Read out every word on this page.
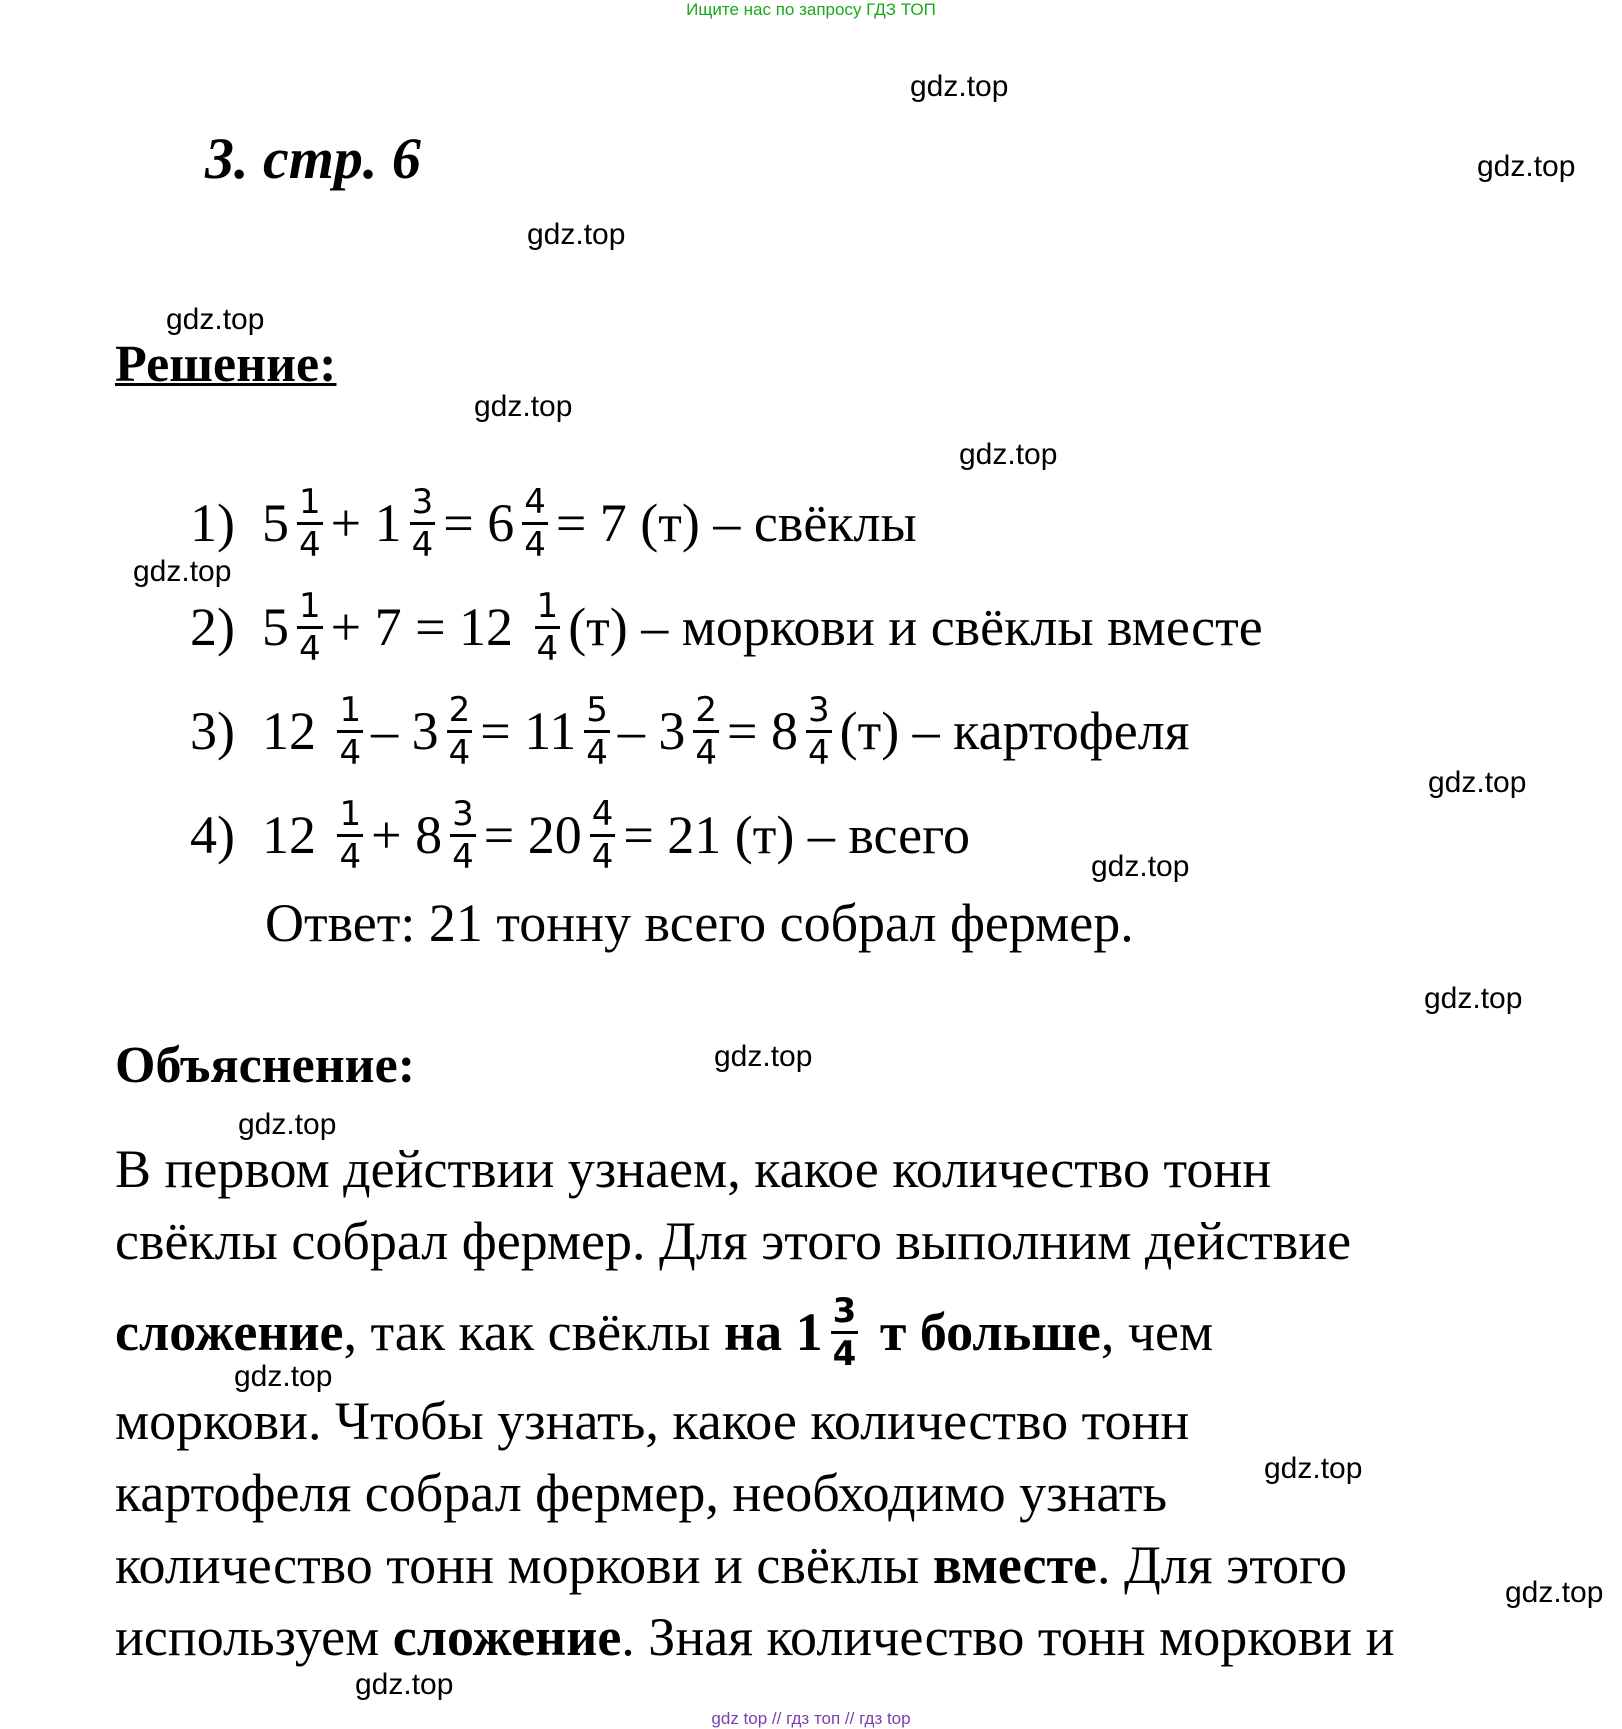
Ищите нас по запросу ГДЗ ТОП
3. стр. 6
Решение:
1)
$5 \frac{1}{4}$ +
$1 \frac{3}{4}$ =
$6 \frac{4}{4} = 7$ (т) – свёклы
2)
$5 \frac{1}{4} + 7 = 12$
$\frac{1}{4} (т)$ – моркови и свёклы вместе
3)
12
$\frac{1}{4} - 3 \frac{2}{4} = 11 \frac{5}{4} - 3 \frac{2}{4} = 8 \frac{3}{4} (т)$ – картофеля
4)
12
$\frac{1}{4} + 8 \frac{3}{4} = 20 \frac{4}{4} = 21$ (т) – всего
Ответ: 21 тонну всего собрал фермер.
Объяснение:
В первом действии узнаем, какое количество тонн
свёклы собрал фермер. Для этого выполним действие
сложение , так как свёклы на $1 \frac{3}{4}$ т больше , чем
моркови. Чтобы узнать, какое количество тонн
картофеля собрал фермер, необходимо узнать
количество тонн моркови и свёклы вместе. Для этого
используем сложение. Зная количество тонн моркови и
gdz.top
gdz.top
gdz.top
gdz.top
gdz.top
gdz.top
gdz.top
gdz.top
gdz.top
gdz.top
gdz.top
gdz.top
gdz.top
gdz.top
gdz.top
gdz.top
gdz top // гдз топ // гдз top
